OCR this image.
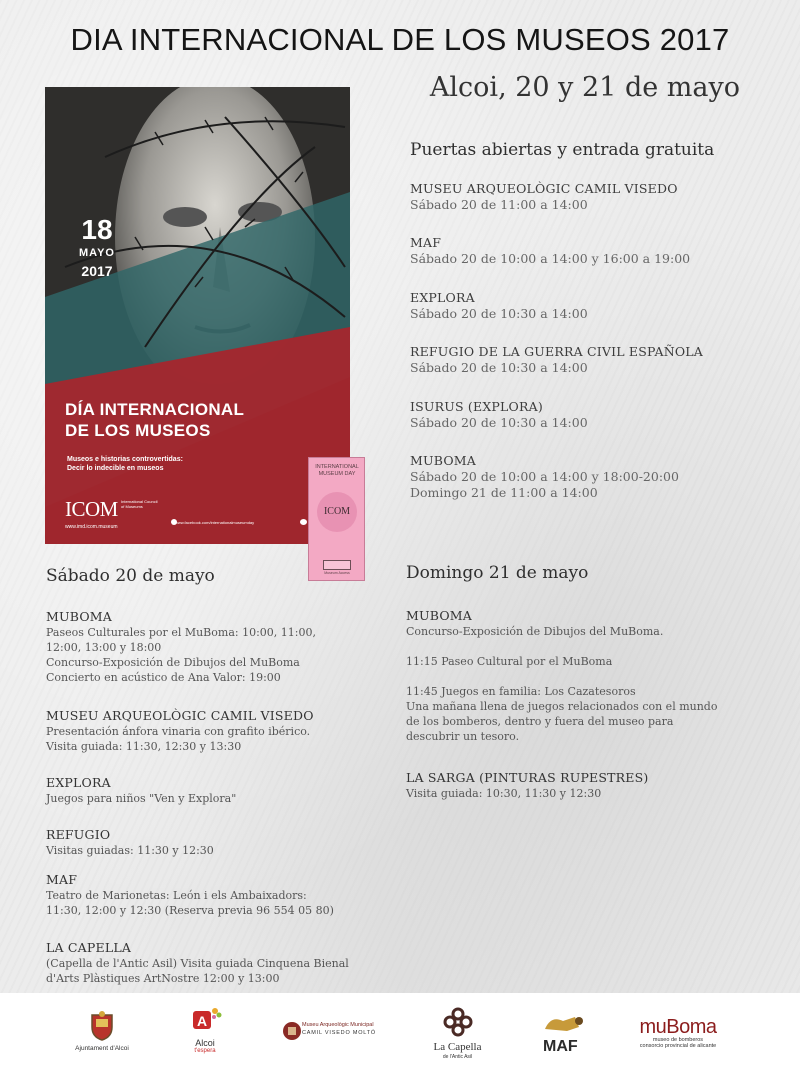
DIA INTERNACIONAL DE LOS MUSEOS 2017
Alcoi, 20 y 21 de mayo
18
MAYO
2017
DÍA INTERNACIONAL
DE LOS MUSEOS
Museos e historias controvertidas:
Decir lo indecible en museos
ICOM International Council of Museums
www.imd.icom.museum
www.facebook.com/internationalmuseumday
INTERNATIONAL MUSEUM DAY
ICOM
Museum Access
Puertas abiertas y entrada gratuita
MUSEU ARQUEOLÒGIC CAMIL VISEDO
Sábado 20 de 11:00 a 14:00
MAF
Sábado 20 de 10:00 a 14:00 y 16:00 a 19:00
EXPLORA
Sábado 20 de 10:30 a 14:00
REFUGIO DE LA GUERRA CIVIL ESPAÑOLA
Sábado 20 de 10:30 a 14:00
ISURUS (EXPLORA)
Sábado 20 de 10:30 a 14:00
MUBOMA
Sábado 20 de 10:00 a 14:00 y 18:00-20:00
Domingo 21 de 11:00 a 14:00
Sábado 20 de mayo
MUBOMA
Paseos Culturales por el MuBoma: 10:00, 11:00,
12:00, 13:00 y 18:00
Concurso-Exposición de Dibujos del MuBoma
Concierto en acústico de Ana Valor: 19:00
MUSEU ARQUEOLÒGIC CAMIL VISEDO
Presentación ánfora vinaria con grafito ibérico.
Visita guiada: 11:30, 12:30 y 13:30
EXPLORA
Juegos para niños "Ven y Explora"
REFUGIO
Visitas guiadas: 11:30 y 12:30
MAF
Teatro de Marionetas: León i els Ambaixadors:
11:30, 12:00 y 12:30 (Reserva previa 96 554 05 80)
LA CAPELLA
(Capella de l'Antic Asil) Visita guiada Cinquena Bienal
d'Arts Plàstiques ArtNostre 12:00 y 13:00
Domingo 21 de mayo
MUBOMA
Concurso-Exposición de Dibujos del MuBoma.
11:15 Paseo Cultural por el MuBoma
11:45 Juegos en familia: Los Cazatesoros
Una mañana llena de juegos relacionados con el mundo
de los bomberos, dentro y fuera del museo para
descubrir un tesoro.
LA SARGA (PINTURAS RUPESTRES)
Visita guiada: 10:30, 11:30 y 12:30
Ajuntament d'Alcoi
A
Alcoi
t'espera
Museu Arqueològic Municipal
CAMIL VISEDO MOLTÓ
La Capella
de l'Antic Asil
MAF
muBoma
museo de bomberos
consorcio provincial de alicante
